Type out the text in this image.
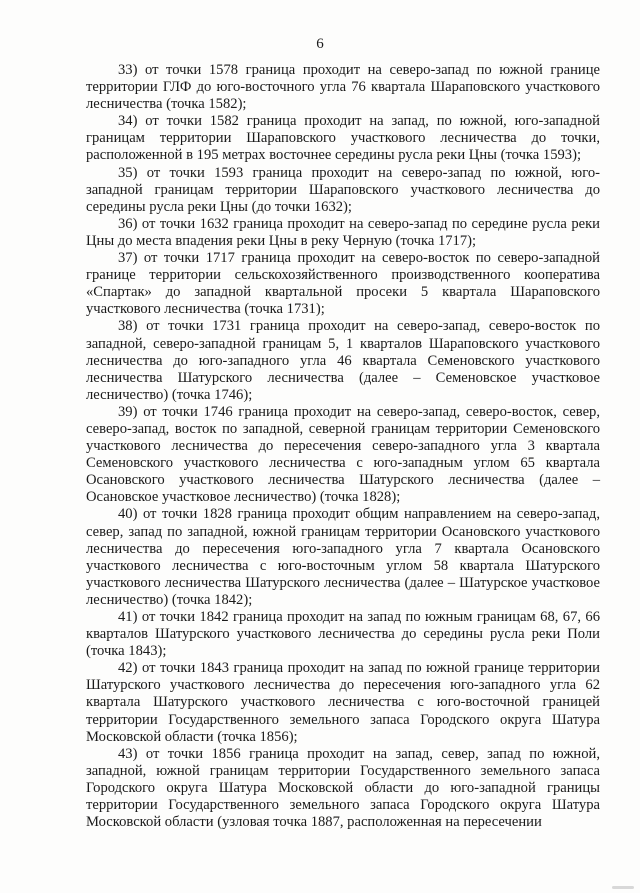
6

33) от точки 1578 граница проходит на северо-запад по южной границе территории ГЛФ до юго-восточного угла 76 квартала Шараповского участкового лесничества (точка 1582);

34) от точки 1582 граница проходит на запад, по южной, юго-западной границам территории Шараповского участкового лесничества до точки, расположенной в 195 метрах восточнее середины русла реки Цны (точка 1593);

35) от точки 1593 граница проходит на северо-запад по южной, юго-западной границам территории Шараповского участкового лесничества до середины русла реки Цны (до точки 1632);

36) от точки 1632 граница проходит на северо-запад по середине русла реки Цны до места впадения реки Цны в реку Черную (точка 1717);

37) от точки 1717 граница проходит на северо-восток по северо-западной границе территории сельскохозяйственного производственного кооператива «Спартак» до западной квартальной просеки 5 квартала Шараповского участкового лесничества (точка 1731);

38) от точки 1731 граница проходит на северо-запад, северо-восток по западной, северо-западной границам 5, 1 кварталов Шараповского участкового лесничества до юго-западного угла 46 квартала Семеновского участкового лесничества Шатурского лесничества (далее – Семеновское участковое лесничество) (точка 1746);

39) от точки 1746 граница проходит на северо-запад, северо-восток, север, северо-запад, восток по западной, северной границам территории Семеновского участкового лесничества до пересечения северо-западного угла 3 квартала Семеновского участкового лесничества с юго-западным углом 65 квартала Осановского участкового лесничества Шатурского лесничества (далее – Осановское участковое лесничество) (точка 1828);

40) от точки 1828 граница проходит общим направлением на северо-запад, север, запад по западной, южной границам территории Осановского участкового лесничества до пересечения юго-западного угла 7 квартала Осановского участкового лесничества с юго-восточным углом 58 квартала Шатурского участкового лесничества Шатурского лесничества (далее – Шатурское участковое лесничество) (точка 1842);

41) от точки 1842 граница проходит на запад по южным границам 68, 67, 66 кварталов Шатурского участкового лесничества до середины русла реки Поли (точка 1843);

42) от точки 1843 граница проходит на запад по южной границе территории Шатурского участкового лесничества до пересечения юго-западного угла 62 квартала Шатурского участкового лесничества с юго-восточной границей территории Государственного земельного запаса Городского округа Шатура Московской области (точка 1856);

43) от точки 1856 граница проходит на запад, север, запад по южной, западной, южной границам территории Государственного земельного запаса Городского округа Шатура Московской области до юго-западной границы территории Государственного земельного запаса Городского округа Шатура Московской области (узловая точка 1887, расположенная на пересечении
